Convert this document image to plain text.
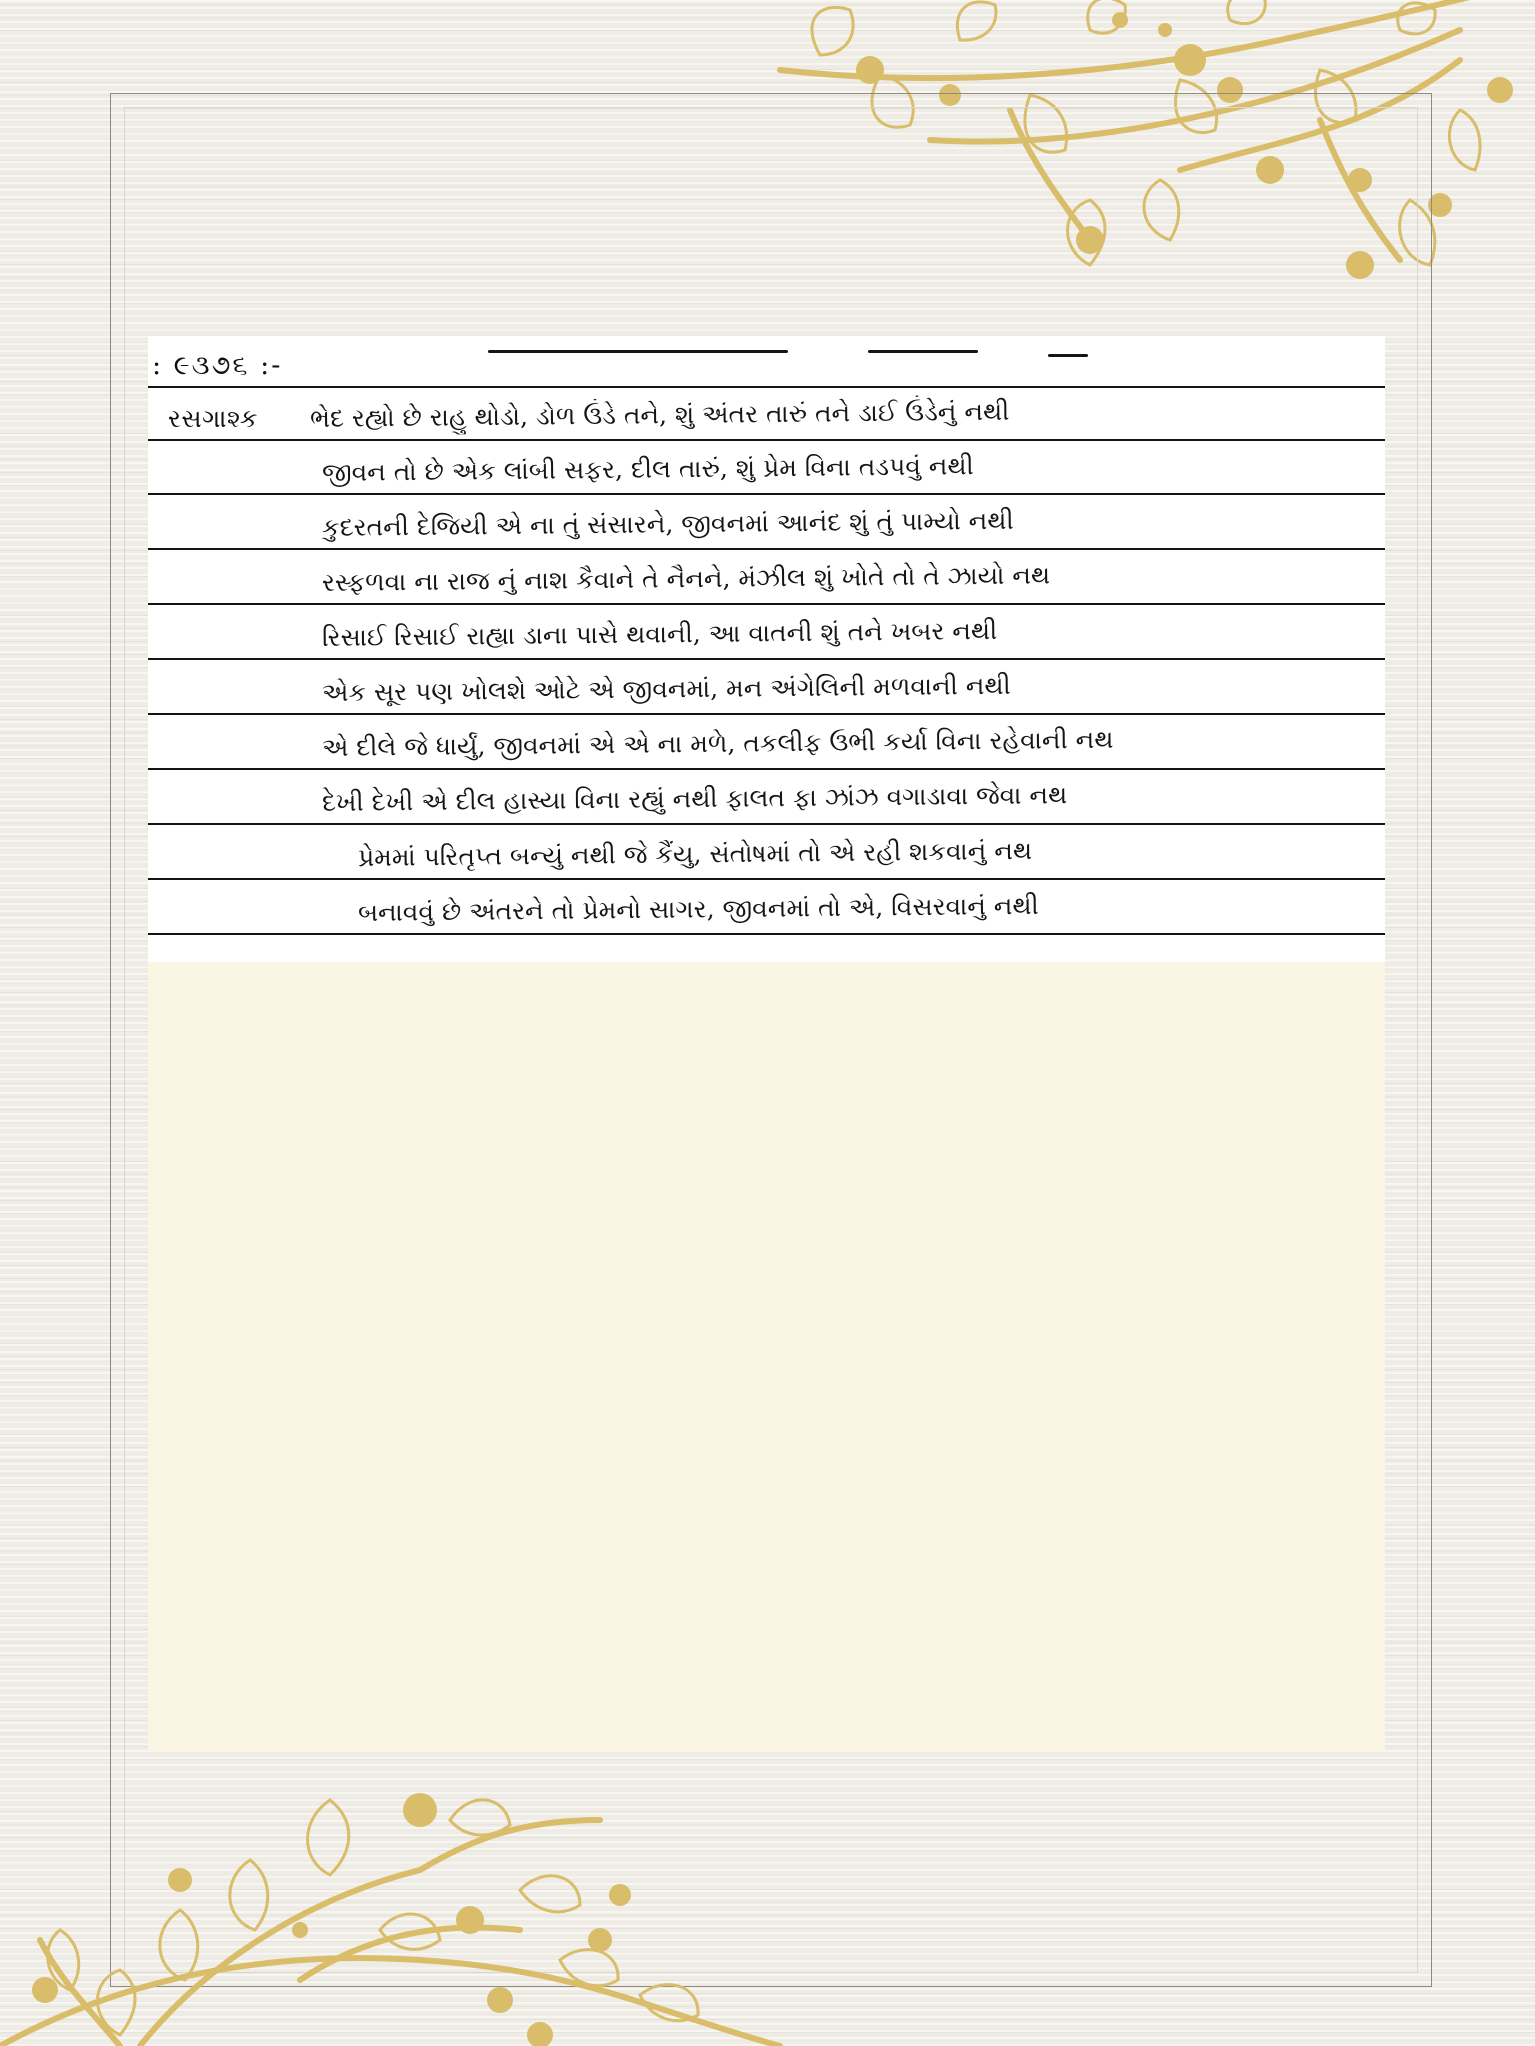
: ૯૩૭૬ :-
રસગાશ્ક ભેદ રહ્યો છે રાહુ થોડો, ડોળ ઉંડે તને, શું અંતર તારું તને ડાઈ ઉંડેનું નથી
જીવન તો છે એક લાંબી સફર, દીલ તારું, શું પ્રેમ વિના તડપવું નથી
કુદરતની દેજિયી એ ના તું સંસારને, જીવનમાં આનંદ શું તું પામ્યો નથી
રસ્ફળવા ના રાજ નું નાશ કૈવાને તે નૈનને, મંઝીલ શું ખોતે તો તે ઝાયો નથ
રિસાઈ રિસાઈ રાહ્યા ડાના પાસે થવાની, આ વાતની શું તને ખબર નથી
એક સૂર પણ ખોલશે ઓટે એ જીવનમાં, મન અંગેલિની મળવાની નથી
એ દીલે જે ધાર્યું, જીવનમાં એ એ ના મળે, તકલીફ ઉભી કર્યા વિના રહેવાની નથ
દેખી દેખી એ દીલ હાસ્યા વિના રહ્યું નથી ફાલત ફા ઝાંઝ વગાડાવા જેવા નથ
પ્રેમમાં પરિતૃપ્ત બન્યું નથી જે કૈંયુ, સંતોષમાં તો એ રહી શકવાનું નથ
બનાવવું છે અંતરને તો પ્રેમનો સાગર, જીવનમાં તો એ, વિસરવાનું નથી
